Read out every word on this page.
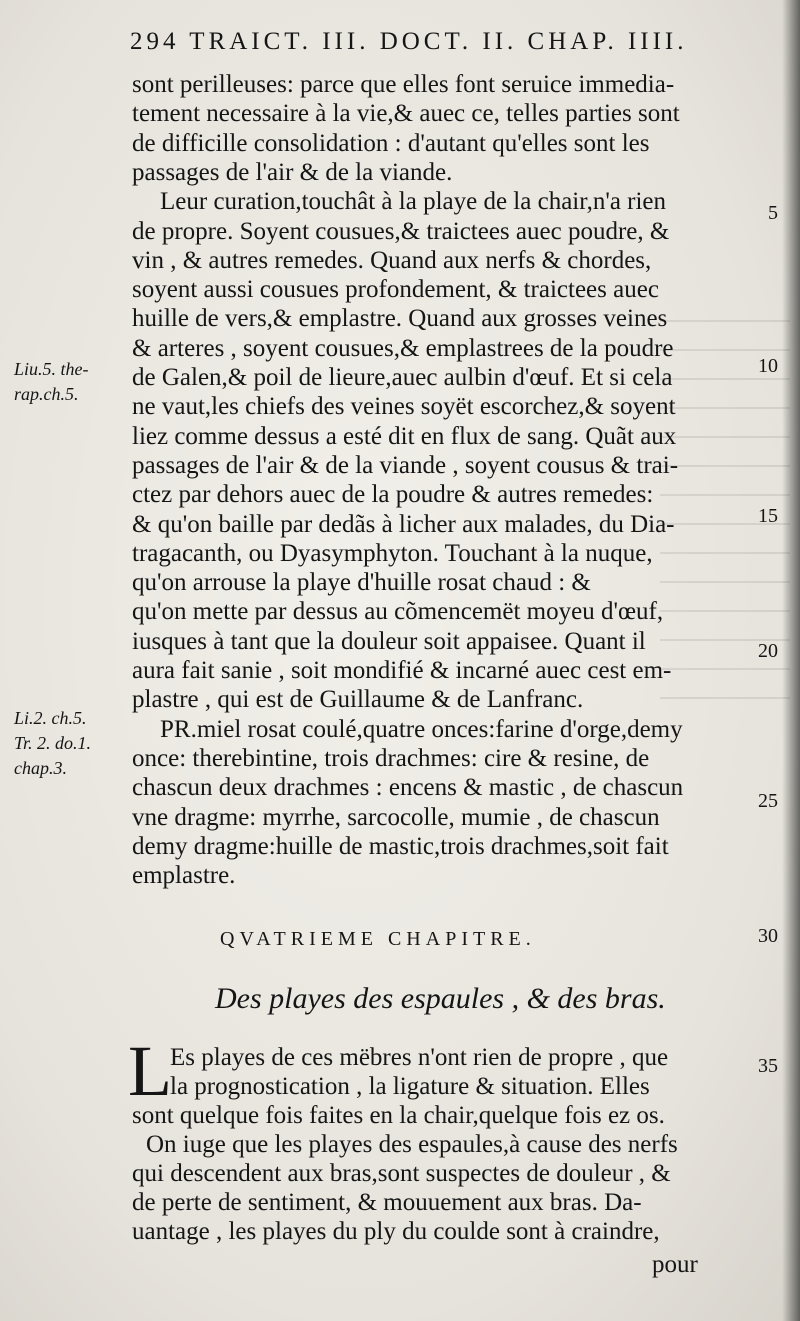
294 TRAICT. III. DOCT. II. CHAP. IIII.
sont perilleuses: parce que elles font seruice immedia-
tement necessaire à la vie,& auec ce, telles parties sont
de difficille consolidation : d'autant qu'elles sont les
passages de l'air & de la viande.
Leur curation,touchât à la playe de la chair,n'a rien
de propre. Soyent cousues,& traictees auec poudre, &
vin , & autres remedes. Quand aux nerfs & chordes,
soyent aussi cousues profondement, & traictees auec
huille de vers,& emplastre. Quand aux grosses veines
& arteres , soyent cousues,& emplastrees de la poudre
de Galen,& poil de lieure,auec aulbin d'œuf. Et si cela
ne vaut,les chiefs des veines soyët escorchez,& soyent
liez comme dessus a esté dit en flux de sang. Quãt aux
passages de l'air & de la viande , soyent cousus & trai-
ctez par dehors auec de la poudre & autres remedes:
& qu'on baille par dedãs à licher aux malades, du Dia-
tragacanth, ou Dyasymphyton. Touchant à la nuque,
qu'on arrouse la playe d'huille rosat chaud : &
qu'on mette par dessus au cõmencemët moyeu d'œuf,
iusques à tant que la douleur soit appaisee. Quant il
aura fait sanie , soit mondifié & incarné auec cest em-
plastre , qui est de Guillaume & de Lanfranc.
PR.miel rosat coulé,quatre onces:farine d'orge,demy
once: therebintine, trois drachmes: cire & resine, de
chascun deux drachmes : encens & mastic , de chascun
vne dragme: myrrhe, sarcocolle, mumie , de chascun
demy dragme:huille de mastic,trois drachmes,soit fait
emplastre.
Liu.5. the-
rap.ch.5.
Li.2. ch.5.
Tr. 2. do.1.
chap.3.
5
10
15
20
25
30
35
QVATRIEME CHAPITRE.
Des playes des espaules , & des bras.
L
Es playes de ces mëbres n'ont rien de propre , que
la prognostication , la ligature & situation. Elles
sont quelque fois faites en la chair,quelque fois ez os.
On iuge que les playes des espaules,à cause des nerfs
qui descendent aux bras,sont suspectes de douleur , &
de perte de sentiment, & mouuement aux bras. Da-
uantage , les playes du ply du coulde sont à craindre,
pour
